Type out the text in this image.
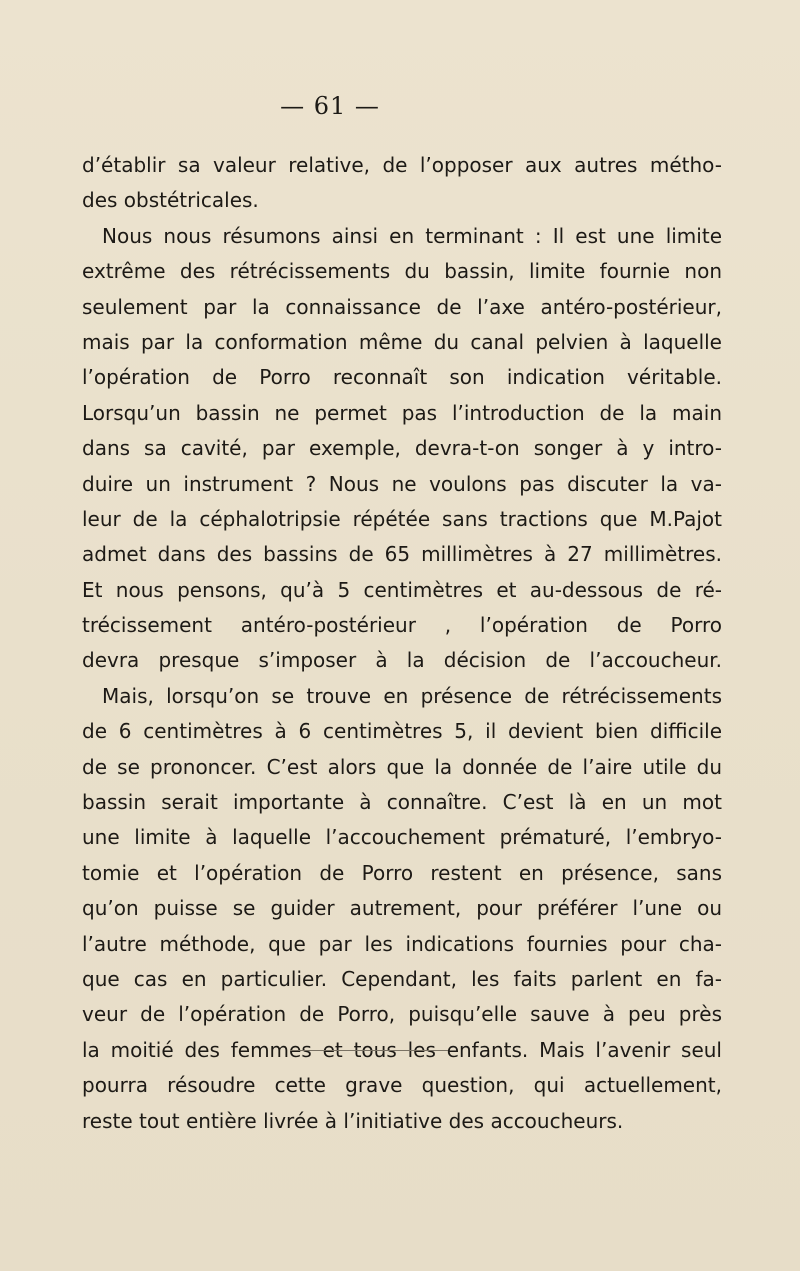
— 61 —
d’établir sa valeur relative, de l’opposer aux autres métho-
des obstétricales.
Nous nous résumons ainsi en terminant : Il est une limite
extrême des rétrécissements du bassin, limite fournie non
seulement par la connaissance de l’axe antéro-postérieur,
mais par la conformation même du canal pelvien à laquelle
l’opération de Porro reconnaît son indication véritable.
Lorsqu’un bassin ne permet pas l’introduction de la main
dans sa cavité, par exemple, devra-t-on songer à y intro-
duire un instrument ? Nous ne voulons pas discuter la va-
leur de la céphalotripsie répétée sans tractions que M.Pajot
admet dans des bassins de 65 millimètres à 27 millimètres.
Et nous pensons, qu’à 5 centimètres et au-dessous de ré-
trécissement antéro-postérieur , l’opération de Porro
devra presque s’imposer à la décision de l’accoucheur.
Mais, lorsqu’on se trouve en présence de rétrécissements
de 6 centimètres à 6 centimètres 5, il devient bien difficile
de se prononcer. C’est alors que la donnée de l’aire utile du
bassin serait importante à connaître. C’est là en un mot
une limite à laquelle l’accouchement prématuré, l’embryo-
tomie et l’opération de Porro restent en présence, sans
qu’on puisse se guider autrement, pour préférer l’une ou
l’autre méthode, que par les indications fournies pour cha-
que cas en particulier. Cependant, les faits parlent en fa-
veur de l’opération de Porro, puisqu’elle sauve à peu près
la moitié des femmes et tous les enfants. Mais l’avenir seul
pourra résoudre cette grave question, qui actuellement,
reste tout entière livrée à l’initiative des accoucheurs.
